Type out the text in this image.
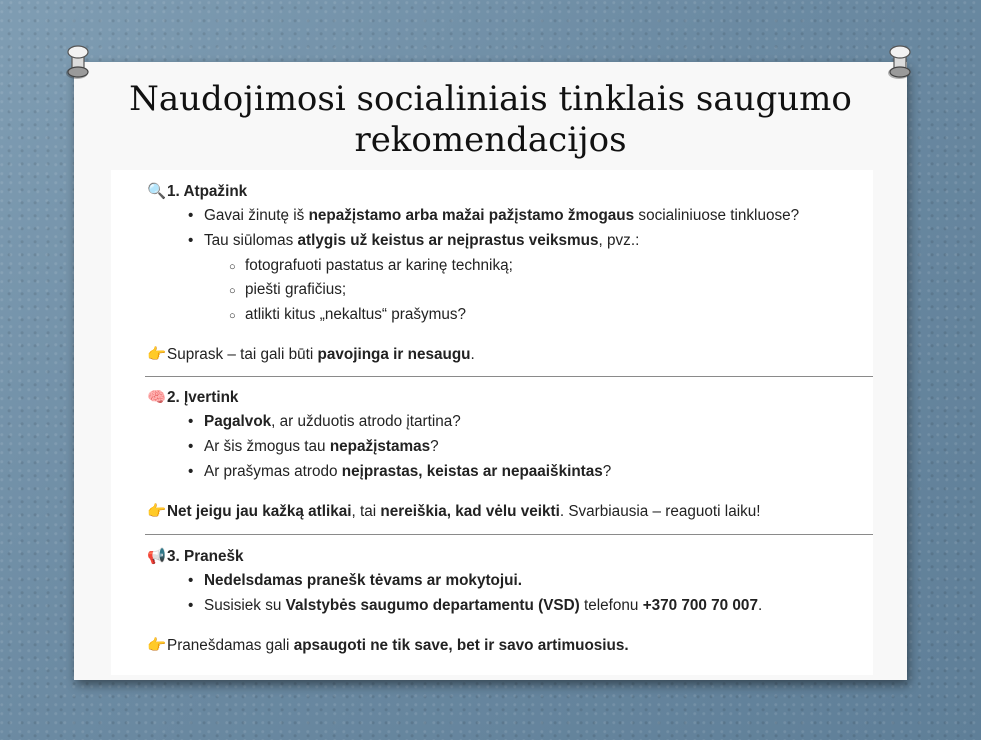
Naudojimosi socialiniais tinklais saugumo
rekomendacijos
🔍1. Atpažink
• Gavai žinutę iš nepažįstamo arba mažai pažįstamo žmogaus socialiniuose tinkluose?
• Tau siūlomas atlygis už keistus ar neįprastus veiksmus, pvz.:
○ fotografuoti pastatus ar karinę techniką;
○ piešti grafičius;
○ atlikti kitus „nekaltus“ prašymus?
👉Suprask – tai gali būti pavojinga ir nesaugu.
🧠2. Įvertink
• Pagalvok, ar užduotis atrodo įtartina?
• Ar šis žmogus tau nepažįstamas?
• Ar prašymas atrodo neįprastas, keistas ar nepaaiškintas?
👉Net jeigu jau kažką atlikai, tai nereiškia, kad vėlu veikti. Svarbiausia – reaguoti laiku!
📢3. Pranešk
• Nedelsdamas pranešk tėvams ar mokytojui.
• Susisiek su Valstybės saugumo departamentu (VSD) telefonu +370 700 70 007.
👉Pranešdamas gali apsaugoti ne tik save, bet ir savo artimuosius.
